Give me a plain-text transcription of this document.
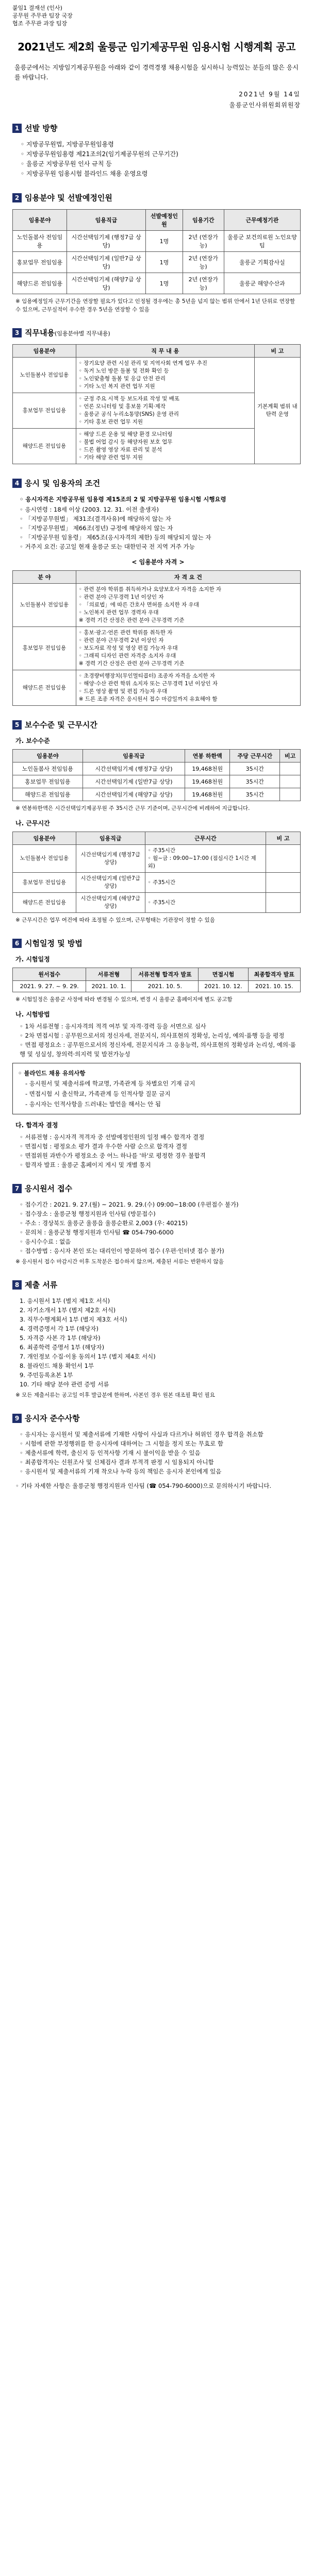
붙임1 결재선 (인사)
공무원 주무관 팀장 국장
협조 주무관 과장 팀장
2021년도 제2회 울릉군 임기제공무원 임용시험 시행계획 공고
울릉군에서는 지방임기제공무원을 아래와 같이 경력경쟁 채용시험을 실시하니 능력있는 분들의 많은 응시를 바랍니다.
2021년 9월 14일
울릉군인사위원회위원장
1 선발 방향
◦ 지방공무원법, 지방공무원임용령
◦ 지방공무원임용령 제21조의2(임기제공무원의 근무기간)
◦ 울릉군 지방공무원 인사 규칙 등
◦ 지방공무원 임용시험 블라인드 채용 운영요령
2 임용분야 및 선발예정인원
임용분야	임용직급	선발예정인원	임용기간	근무예정기관
노인돌봄사 전임임용	시간선택임기제 (행정7급 상당)	1명	2년 (연장가능)	울릉군 보건의료원 노인요양팀
홍보업무 전임임용	시간선택임기제 (일반7급 상당)	1명	2년 (연장가능)	울릉군 기획감사실
해양드론 전임임용	시간선택임기제 (해양7급 상당)	1명	2년 (연장가능)	울릉군 해양수산과
※ 임용예정일자 근무기간을 연장할 필요가 있다고 인정될 경우에는 총 5년을 넘지 않는 범위 안에서 1년 단위로 연장할 수 있으며, 근무실적이 우수한 경우 5년을 연장할 수 있음
3 직무내용(임용분야별 직무내용)
임용분야	직 무 내 용	비 고
노인돌봄사 전임임용	◦ 장기요양 관련 시설 관리 및 지역사회 연계 업무 추진
◦ 독거 노인 방문 돌봄 및 전화 확인 등
◦ 노인맞춤형 돌봄 및 응급 안전 관리
◦ 기타 노인 복지 관련 업무 지원	기본계획 범위 내 탄력 운영
홍보업무 전임임용	◦ 군정 주요 시책 등 보도자료 작성 및 배포
◦ 언론 모니터링 및 홍보물 기획·제작
◦ 울릉군 공식 누리소통망(SNS) 운영 관리
◦ 기타 홍보 관련 업무 지원	
해양드론 전임임용	◦ 해양 드론 운용 및 해양 환경 모니터링
◦ 불법 어업 감시 등 해양자원 보호 업무
◦ 드론 촬영 영상 자료 관리 및 분석
◦ 기타 해양 관련 업무 지원	
4 응시 및 임용자의 조건
◦ 응시자격은 지방공무원 임용령 제15조의 2 및 지방공무원 임용시험 시행요령
◦ 응시연령 : 18세 이상 (2003. 12. 31. 이전 출생자)
◦ 「지방공무원법」 제31조(결격사유)에 해당하지 않는 자
◦ 「지방공무원법」 제66조(정년) 규정에 해당하지 않는 자
◦ 「지방공무원 임용령」 제65조(응시자격의 제한) 등의 해당되지 않는 자
◦ 거주지 요건: 공고일 현재 울릉군 또는 대한민국 전 지역 거주 가능
< 임용분야 자격 >
분 야	자 격 요 건
노인돌봄사 전임임용	◦ 관련 분야 학위를 취득하거나 요양보호사 자격을 소지한 자
◦ 관련 분야 근무경력 1년 이상인 자
◦ 「의료법」에 따른 간호사 면허를 소지한 자 우대
◦ 노인복지 관련 업무 경력자 우대
※ 경력 기간 산정은 관련 분야 근무경력 기준
홍보업무 전임임용	◦ 홍보·광고·언론 관련 학위를 취득한 자
◦ 관련 분야 근무경력 2년 이상인 자
◦ 보도자료 작성 및 영상 편집 가능자 우대
◦ 그래픽 디자인 관련 자격증 소지자 우대
※ 경력 기간 산정은 관련 분야 근무경력 기준
해양드론 전임임용	◦ 초경량비행장치(무인멀티콥터) 조종자 자격을 소지한 자
◦ 해양·수산 관련 학위 소지자 또는 근무경력 1년 이상인 자
◦ 드론 영상 촬영 및 편집 가능자 우대
※ 드론 조종 자격은 응시원서 접수 마감일까지 유효해야 함
5 보수수준 및 근무시간
가. 보수수준
임용분야	임용직급	연봉 하한액	주당 근무시간	비고
노인돌봄사 전임임용	시간선택임기제 (행정7급 상당)	19,468천원	35시간	
홍보업무 전임임용	시간선택임기제 (일반7급 상당)	19,468천원	35시간	
해양드론 전임임용	시간선택임기제 (해양7급 상당)	19,468천원	35시간	
※ 연봉하한액은 시간선택임기제공무원 주 35시간 근무 기준이며, 근무시간에 비례하여 지급합니다.
나. 근무시간
임용분야	임용직급	근무시간	비 고
노인돌봄사 전임임용	시간선택임기제 (행정7급 상당)	◦ 주35시간
◦ 월~금 : 09:00~17:00 (점심시간 1시간 제외)	
홍보업무 전임임용	시간선택임기제 (일반7급 상당)	◦ 주35시간	
해양드론 전임임용	시간선택임기제 (해양7급 상당)	◦ 주35시간	
※ 근무시간은 업무 여건에 따라 조정될 수 있으며, 근무형태는 기관장이 정할 수 있음
6 시험일정 및 방법
가. 시험일정
원서접수	서류전형	서류전형 합격자 발표	면접시험	최종합격자 발표
2021. 9. 27. ~ 9. 29.	2021. 10. 1.	2021. 10. 5.	2021. 10. 12.	2021. 10. 15.
※ 시험일정은 울릉군 사정에 따라 변경될 수 있으며, 변경 시 울릉군 홈페이지에 별도 공고함
나. 시험방법
◦ 1차 서류전형 : 응시자격의 적격 여부 및 자격·경력 등을 서면으로 심사
◦ 2차 면접시험 : 공무원으로서의 정신자세, 전문지식, 의사표현의 정확성, 논리성, 예의·품행 등을 평정
◦ 면접 평정요소 : 공무원으로서의 정신자세, 전문지식과 그 응용능력, 의사표현의 정확성과 논리성, 예의·품행 및 성실성, 창의력·의지력 및 발전가능성
◦ 블라인드 채용 유의사항
- 응시원서 및 제출서류에 학교명, 가족관계 등 차별요인 기재 금지
- 면접시험 시 출신학교, 가족관계 등 인적사항 질문 금지
- 응시자는 인적사항을 드러내는 발언을 해서는 안 됨
다. 합격자 결정
◦ 서류전형 : 응시자격 적격자 중 선발예정인원의 일정 배수 합격자 결정
◦ 면접시험 : 평정요소 평가 결과 우수한 사람 순으로 합격자 결정
◦ 면접위원 과반수가 평정요소 중 어느 하나를 '하'로 평정한 경우 불합격
◦ 합격자 발표 : 울릉군 홈페이지 게시 및 개별 통지
7 응시원서 접수
◦ 접수기간 : 2021. 9. 27.(월) ~ 2021. 9. 29.(수) 09:00~18:00 (우편접수 불가)
◦ 접수장소 : 울릉군청 행정지원과 인사팀 (방문접수)
◦ 주소 : 경상북도 울릉군 울릉읍 울릉순환로 2,003 (우: 40215)
◦ 문의처 : 울릉군청 행정지원과 인사팀 ☎ 054-790-6000
◦ 응시수수료 : 없음
◦ 접수방법 : 응시자 본인 또는 대리인이 방문하여 접수 (우편·인터넷 접수 불가)
※ 응시원서 접수 마감시간 이후 도착분은 접수하지 않으며, 제출된 서류는 반환하지 않음
8 제출 서류
1. 응시원서 1부 (별지 제1호 서식)
2. 자기소개서 1부 (별지 제2호 서식)
3. 직무수행계획서 1부 (별지 제3호 서식)
4. 경력증명서 각 1부 (해당자)
5. 자격증 사본 각 1부 (해당자)
6. 최종학력 증명서 1부 (해당자)
7. 개인정보 수집·이용 동의서 1부 (별지 제4호 서식)
8. 블라인드 채용 확인서 1부
9. 주민등록초본 1부
10. 기타 해당 분야 관련 증빙 서류
※ 모든 제출서류는 공고일 이후 발급분에 한하며, 사본인 경우 원본 대조필 확인 필요
9 응시자 준수사항
◦ 응시자는 응시원서 및 제출서류에 기재한 사항이 사실과 다르거나 허위인 경우 합격을 취소함
◦ 시험에 관한 부정행위를 한 응시자에 대하여는 그 시험을 정지 또는 무효로 함
◦ 제출서류에 학력, 출신지 등 인적사항 기재 시 불이익을 받을 수 있음
◦ 최종합격자는 신원조사 및 신체검사 결과 부적격 판정 시 임용되지 아니함
◦ 응시원서 및 제출서류의 기재 착오나 누락 등의 책임은 응시자 본인에게 있음
◦ 기타 자세한 사항은 울릉군청 행정지원과 인사팀 (☎ 054-790-6000)으로 문의하시기 바랍니다.
